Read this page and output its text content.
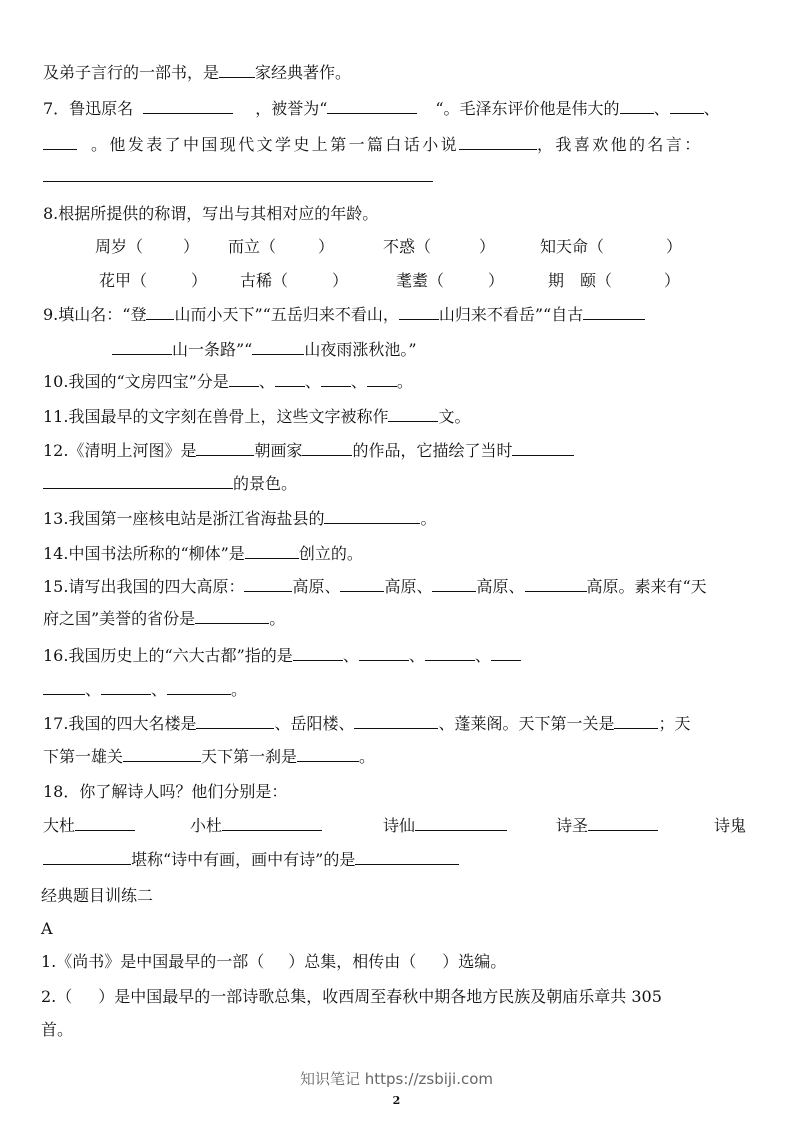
及弟子言行的一部书，是 家经典著作。
7．鲁迅原名	，被誉为“	“。毛泽东评价他是伟大的 、 、
。他发表了中国现代文学史上第一篇白话小说	，我喜欢他的名言：
8.根据所提供的称谓，写出与其相对应的年龄。
周岁（	） 而立（	）	不惑（	）	知天命（	）
花甲（	） 古稀（	）	耄耋（	）	期　颐（	）
9.填山名：“登 山而小天下”“五岳归来不看山，	山归来不看岳”“自古
山一条路”“	山夜雨涨秋池。”
10.我国的“文房四宝”分是 、 、 、 。
11.我国最早的文字刻在兽骨上，这些文字被称作	文。
12.《清明上河图》是	朝画家	的作品，它描绘了当时
的景色。
13.我国第一座核电站是浙江省海盐县的	。
14.中国书法所称的“柳体”是	创立的。
15.请写出我国的四大高原：	高原、	高原、	高原、	高原。素来有“天
府之国”美誉的省份是	。
16.我国历史上的“六大古都”指的是	、	、	、
、	、	。
17.我国的四大名楼是	、岳阳楼、	、蓬莱阁。天下第一关是	；天
下第一雄关	天下第一刹是	。
18．你了解诗人吗？他们分别是：
大杜	小杜	诗仙	诗圣	诗鬼
堪称“诗中有画，画中有诗”的是
经典题目训练二
A
1.《尚书》是中国最早的一部（ ）总集，相传由（ ）选编。
2.（ ）是中国最早的一部诗歌总集，收西周至春秋中期各地方民族及朝庙乐章共 305
首。
知识笔记 https://zsbiji.com
2
